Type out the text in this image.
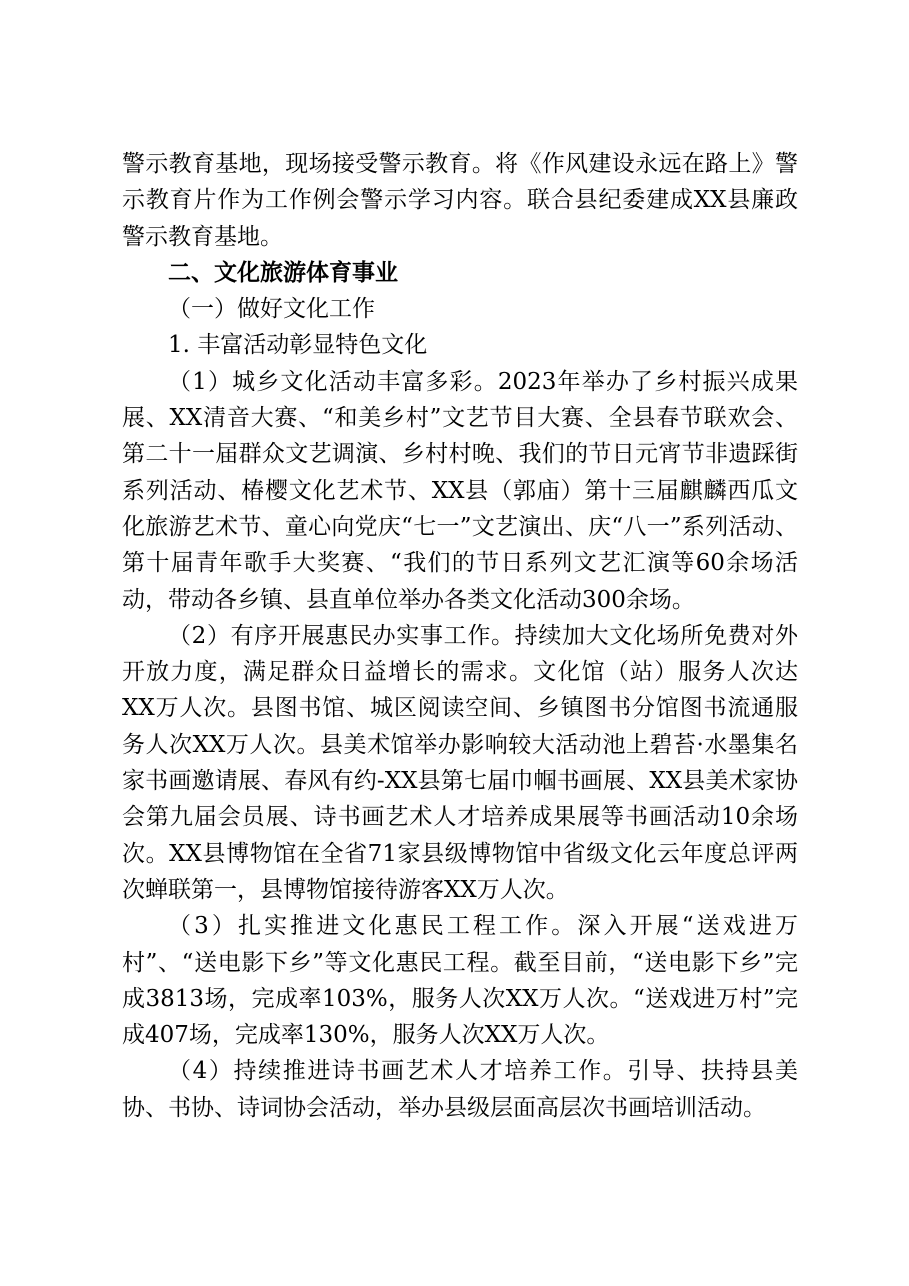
警示教育基地，现场接受警示教育。将《作风建设永远在路上》警示教育片作为工作例会警示学习内容。联合县纪委建成XX县廉政警示教育基地。

二、文化旅游体育事业

（一）做好文化工作

1. 丰富活动彰显特色文化

（1）城乡文化活动丰富多彩。2023年举办了乡村振兴成果展、XX清音大赛、“和美乡村”文艺节目大赛、全县春节联欢会、第二十一届群众文艺调演、乡村村晚、我们的节日元宵节非遗踩街系列活动、椿樱文化艺术节、XX县（郭庙）第十三届麒麟西瓜文化旅游艺术节、童心向党庆“七一”文艺演出、庆“八一”系列活动、第十届青年歌手大奖赛、“我们的节日系列文艺汇演等60余场活动，带动各乡镇、县直单位举办各类文化活动300余场。

（2）有序开展惠民办实事工作。持续加大文化场所免费对外开放力度，满足群众日益增长的需求。文化馆（站）服务人次达XX万人次。县图书馆、城区阅读空间、乡镇图书分馆图书流通服务人次XX万人次。县美术馆举办影响较大活动池上碧苔·水墨集名家书画邀请展、春风有约-XX县第七届巾帼书画展、XX县美术家协会第九届会员展、诗书画艺术人才培养成果展等书画活动10余场次。XX县博物馆在全省71家县级博物馆中省级文化云年度总评两次蝉联第一，县博物馆接待游客XX万人次。

（3）扎实推进文化惠民工程工作。深入开展“送戏进万村”、“送电影下乡”等文化惠民工程。截至目前，“送电影下乡”完成3813场，完成率103%，服务人次XX万人次。“送戏进万村”完成407场，完成率130%，服务人次XX万人次。

（4）持续推进诗书画艺术人才培养工作。引导、扶持县美协、书协、诗词协会活动，举办县级层面高层次书画培训活动。
